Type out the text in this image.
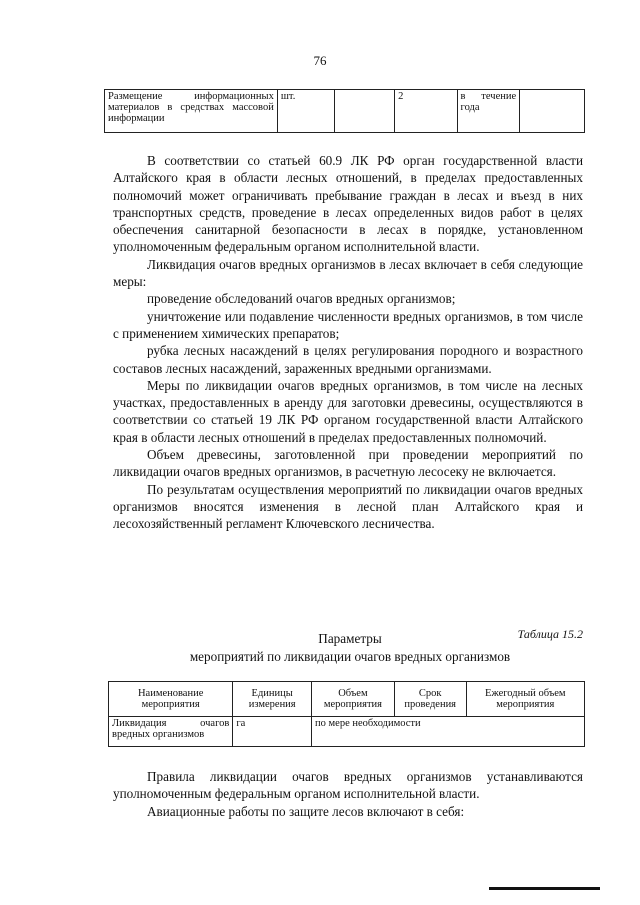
76
Размещение информационных материалов в средствах массовой информации	шт.		2	в течение года	

В соответствии со статьей 60.9 ЛК РФ орган государственной власти Алтайского края в области лесных отношений, в пределах предоставленных полномочий может ограничивать пребывание граждан в лесах и въезд в них транспортных средств, проведение в лесах определенных видов работ в целях обеспечения санитарной безопасности в лесах в порядке, установленном уполномоченным федеральным органом исполнительной власти.

Ликвидация очагов вредных организмов в лесах включает в себя следующие меры:

проведение обследований очагов вредных организмов;

уничтожение или подавление численности вредных организмов, в том числе с применением химических препаратов;

рубка лесных насаждений в целях регулирования породного и возрастного составов лесных насаждений, зараженных вредными организмами.

Меры по ликвидации очагов вредных организмов, в том числе на лесных участках, предоставленных в аренду для заготовки древесины, осуществляются в соответствии со статьей 19 ЛК РФ органом государственной власти Алтайского края в области лесных отношений в пределах предоставленных полномочий.

Объем древесины, заготовленной при проведении мероприятий по ликвидации очагов вредных организмов, в расчетную лесосеку не включается.

По результатам осуществления мероприятий по ликвидации очагов вредных организмов вносятся изменения в лесной план Алтайского края и лесохозяйственный регламент Ключевского лесничества.

Таблица 15.2
Параметры
мероприятий по ликвидации очагов вредных организмов
Наименование мероприятия	Единицы измерения	Объем мероприятия	Срок проведения	Ежегодный объем мероприятия
Ликвидация очагов вредных организмов	га	по мере необходимости		

Правила ликвидации очагов вредных организмов устанавливаются уполномоченным федеральным органом исполнительной власти.

Авиационные работы по защите лесов включают в себя:
